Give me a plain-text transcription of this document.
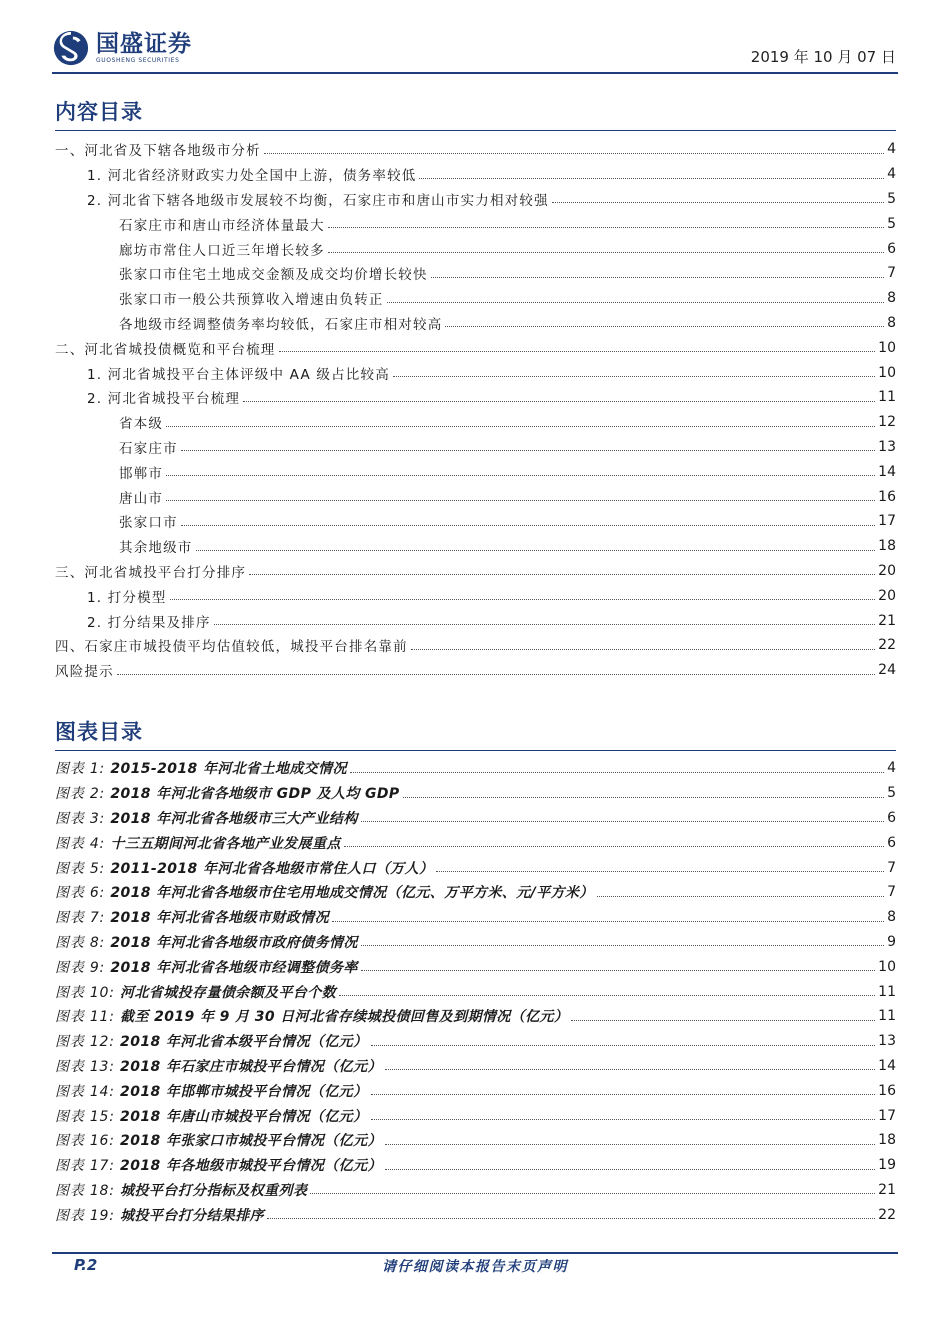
国盛证券
GUOSHENG SECURITIES	2019 年 10 月 07 日
内容目录
一、河北省及下辖各地级市分析	4
1. 河北省经济财政实力处全国中上游，债务率较低	4
2. 河北省下辖各地级市发展较不均衡，石家庄市和唐山市实力相对较强	5
石家庄市和唐山市经济体量最大	5
廊坊市常住人口近三年增长较多	6
张家口市住宅土地成交金额及成交均价增长较快	7
张家口市一般公共预算收入增速由负转正	8
各地级市经调整债务率均较低，石家庄市相对较高	8
二、河北省城投债概览和平台梳理	10
1. 河北省城投平台主体评级中 AA 级占比较高	10
2. 河北省城投平台梳理	11
省本级	12
石家庄市	13
邯郸市	14
唐山市	16
张家口市	17
其余地级市	18
三、河北省城投平台打分排序	20
1. 打分模型	20
2. 打分结果及排序	21
四、石家庄市城投债平均估值较低，城投平台排名靠前	22
风险提示	24
图表目录
图表 1: 2015-2018 年河北省土地成交情况	4
图表 2: 2018 年河北省各地级市 GDP 及人均 GDP	5
图表 3: 2018 年河北省各地级市三大产业结构	6
图表 4: 十三五期间河北省各地产业发展重点	6
图表 5: 2011-2018 年河北省各地级市常住人口（万人）	7
图表 6: 2018 年河北省各地级市住宅用地成交情况（亿元、万平方米、元/平方米）	7
图表 7: 2018 年河北省各地级市财政情况	8
图表 8: 2018 年河北省各地级市政府债务情况	9
图表 9: 2018 年河北省各地级市经调整债务率	10
图表 10: 河北省城投存量债余额及平台个数	11
图表 11: 截至 2019 年 9 月 30 日河北省存续城投债回售及到期情况（亿元）	11
图表 12: 2018 年河北省本级平台情况（亿元）	13
图表 13: 2018 年石家庄市城投平台情况（亿元）	14
图表 14: 2018 年邯郸市城投平台情况（亿元）	16
图表 15: 2018 年唐山市城投平台情况（亿元）	17
图表 16: 2018 年张家口市城投平台情况（亿元）	18
图表 17: 2018 年各地级市城投平台情况（亿元）	19
图表 18: 城投平台打分指标及权重列表	21
图表 19: 城投平台打分结果排序	22
P.2	请仔细阅读本报告末页声明
